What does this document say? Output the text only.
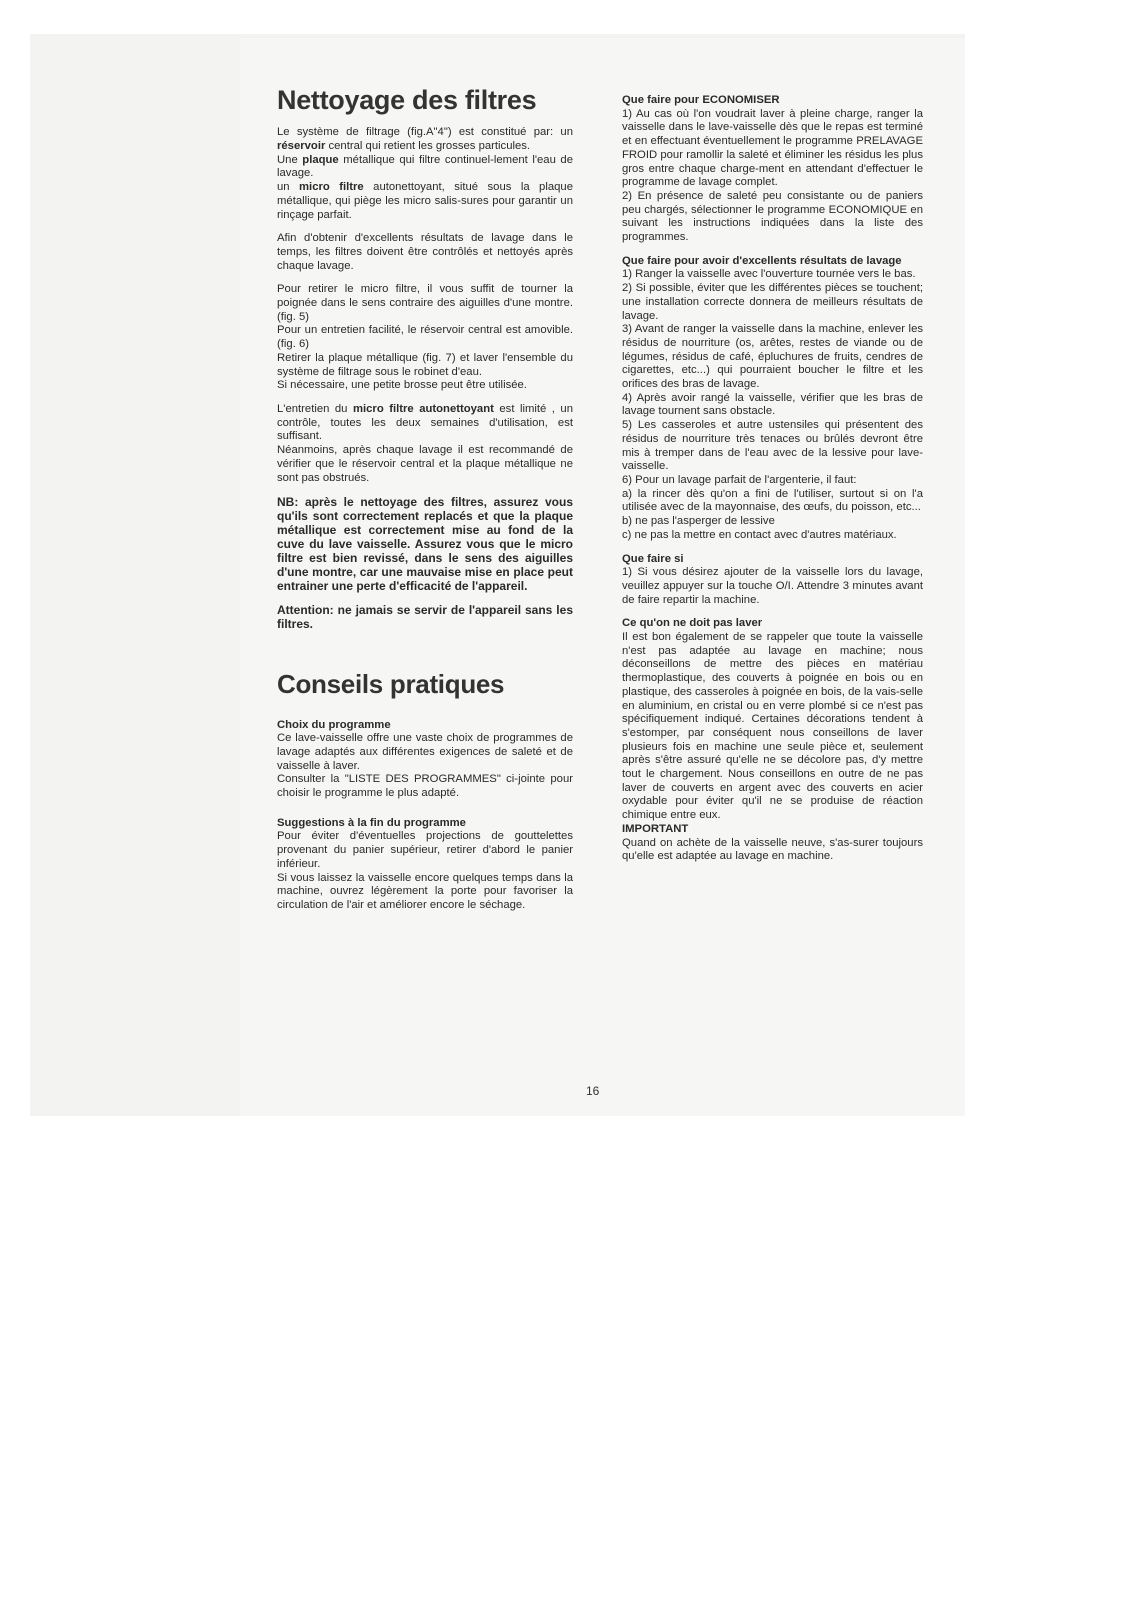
Nettoyage des filtres

Le système de filtrage (fig.A"4") est constitué par: un réservoir central qui retient les grosses particules.
Une plaque métallique qui filtre continuel-lement l'eau de lavage.
un micro filtre autonettoyant, situé sous la plaque métallique, qui piège les micro salis-sures pour garantir un rinçage parfait.

Afin d'obtenir d'excellents résultats de lavage dans le temps, les filtres doivent être contrôlés et nettoyés après chaque lavage.

Pour retirer le micro filtre, il vous suffit de tourner la poignée dans le sens contraire des aiguilles d'une montre. (fig. 5)
Pour un entretien facilité, le réservoir central est amovible.(fig. 6)
Retirer la plaque métallique (fig. 7) et laver l'ensemble du système de filtrage sous le robinet d'eau.
Si nécessaire, une petite brosse peut être utilisée.

L'entretien du micro filtre autonettoyant est limité , un contrôle, toutes les deux semaines d'utilisation, est suffisant.
Néanmoins, après chaque lavage il est recommandé de vérifier que le réservoir central et la plaque métallique ne sont pas obstrués.

NB: après le nettoyage des filtres, assurez vous qu'ils sont correctement replacés et que la plaque métallique est correctement mise au fond de la cuve du lave vaisselle. Assurez vous que le micro filtre est bien revissé, dans le sens des aiguilles d'une montre, car une mauvaise mise en place peut entrainer une perte d'efficacité de l'appareil.

Attention: ne jamais se servir de l'appareil sans les filtres.

Conseils pratiques
Choix du programme
Ce lave-vaisselle offre une vaste choix de programmes de lavage adaptés aux différentes exigences de saleté et de vaisselle à laver.
Consulter la "LISTE DES PROGRAMMES" ci-jointe pour choisir le programme le plus adapté.
Suggestions à la fin du programme
Pour éviter d'éventuelles projections de gouttelettes provenant du panier supérieur, retirer d'abord le panier inférieur.
Si vous laissez la vaisselle encore quelques temps dans la machine, ouvrez légèrement la porte pour favoriser la circulation de l'air et améliorer encore le séchage.
Que faire pour ECONOMISER
1) Au cas où l'on voudrait laver à pleine charge, ranger la vaisselle dans le lave-vaisselle dès que le repas est terminé et en effectuant éventuellement le programme PRELAVAGE FROID pour ramollir la saleté et éliminer les résidus les plus gros entre chaque charge-ment en attendant d'effectuer le programme de lavage complet.
2) En présence de saleté peu consistante ou de paniers peu chargés, sélectionner le programme ECONOMIQUE en suivant les instructions indiquées dans la liste des programmes.
Que faire pour avoir d'excellents résultats de lavage
1) Ranger la vaisselle avec l'ouverture tournée vers le bas.
2) Si possible, éviter que les différentes pièces se touchent; une installation correcte donnera de meilleurs résultats de lavage.
3) Avant de ranger la vaisselle dans la machine, enlever les résidus de nourriture (os, arêtes, restes de viande ou de légumes, résidus de café, épluchures de fruits, cendres de cigarettes, etc...) qui pourraient boucher le filtre et les orifices des bras de lavage.
4) Après avoir rangé la vaisselle, vérifier que les bras de lavage tournent sans obstacle.
5) Les casseroles et autre ustensiles qui présentent des résidus de nourriture très tenaces ou brûlés devront être mis à tremper dans de l'eau avec de la lessive pour lave-vaisselle.
6) Pour un lavage parfait de l'argenterie, il faut:
a) la rincer dès qu'on a fini de l'utiliser, surtout si on l'a utilisée avec de la mayonnaise, des œufs, du poisson, etc...
b) ne pas l'asperger de lessive
c) ne pas la mettre en contact avec d'autres matériaux.
Que faire si
1) Si vous désirez ajouter de la vaisselle lors du lavage, veuillez appuyer sur la touche O/I. Attendre 3 minutes avant de faire repartir la machine.
Ce qu'on ne doit pas laver
Il est bon également de se rappeler que toute la vaisselle n'est pas adaptée au lavage en machine; nous déconseillons de mettre des pièces en matériau thermoplastique, des couverts à poignée en bois ou en plastique, des casseroles à poignée en bois, de la vais-selle en aluminium, en cristal ou en verre plombé si ce n'est pas spécifiquement indiqué. Certaines décorations tendent à s'estomper, par conséquent nous conseillons de laver plusieurs fois en machine une seule pièce et, seulement après s'être assuré qu'elle ne se décolore pas, d'y mettre tout le chargement. Nous conseillons en outre de ne pas laver de couverts en argent avec des couverts en acier oxydable pour éviter qu'il ne se produise de réaction chimique entre eux.
IMPORTANT
Quand on achète de la vaisselle neuve, s'as-surer toujours qu'elle est adaptée au lavage en machine.
16
